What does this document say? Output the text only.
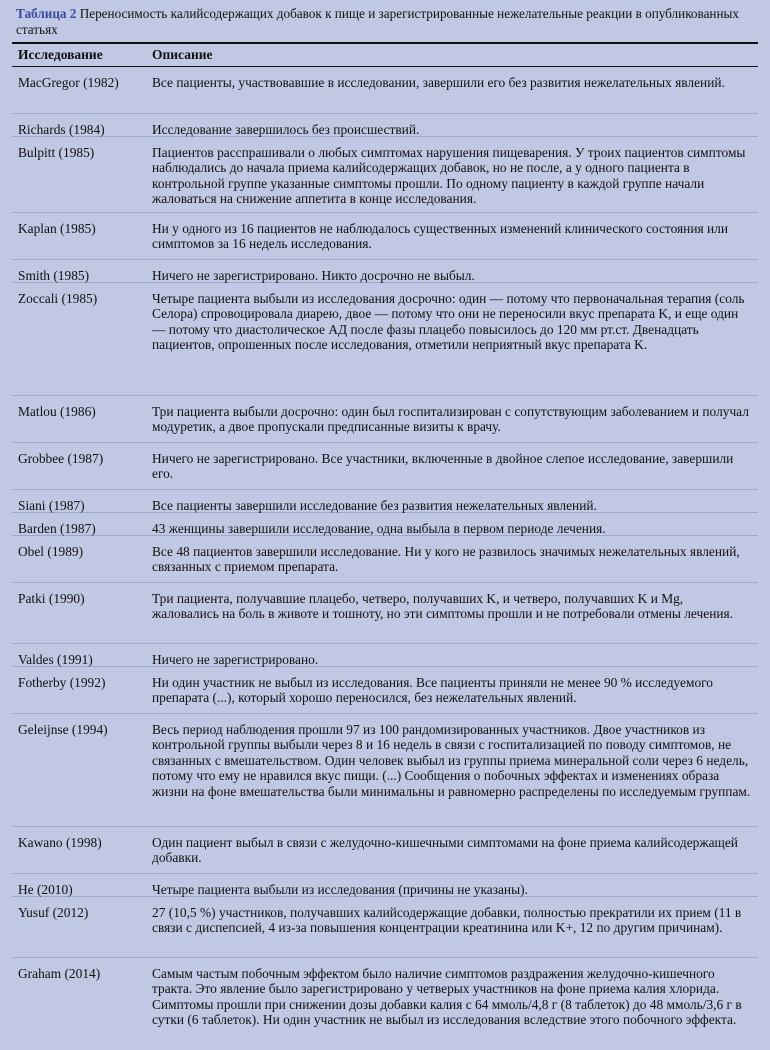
Таблица 2 Переносимость калийсодержащих добавок к пище и зарегистрированные нежелательные реакции в опубликованных статьях
Исследование	Описание
MacGregor (1982)	Все пациенты, участвовавшие в исследовании, завершили его без развития нежелательных явлений.
Richards (1984)	Исследование завершилось без происшествий.
Bulpitt (1985)	Пациентов расспрашивали о любых симптомах нарушения пищеварения. У троих пациентов симптомы наблюдались до начала приема калийсодержащих добавок, но не после, а у одного пациента в контрольной группе указанные симптомы прошли. По одному пациенту в каждой группе начали жаловаться на снижение аппетита в конце исследования.
Kaplan (1985)	Ни у одного из 16 пациентов не наблюдалось существенных изменений клинического состояния или симптомов за 16 недель исследования.
Smith (1985)	Ничего не зарегистрировано. Никто досрочно не выбыл.
Zoccali (1985)	Четыре пациента выбыли из исследования досрочно: один — потому что первоначальная терапия (соль Селора) спровоцировала диарею, двое — потому что они не переносили вкус препарата K, и еще один — потому что диастолическое АД после фазы плацебо повысилось до 120 мм рт.ст. Двенадцать пациентов, опрошенных после исследования, отметили неприятный вкус препарата K.
Matlou (1986)	Три пациента выбыли досрочно: один был госпитализирован с сопутствующим заболеванием и получал модуретик, а двое пропускали предписанные визиты к врачу.
Grobbee (1987)	Ничего не зарегистрировано. Все участники, включенные в двойное слепое исследование, завершили его.
Siani (1987)	Все пациенты завершили исследование без развития нежелательных явлений.
Barden (1987)	43 женщины завершили исследование, одна выбыла в первом периоде лечения.
Obel (1989)	Все 48 пациентов завершили исследование. Ни у кого не развилось значимых нежелательных явлений, связанных с приемом препарата.
Patki (1990)	Три пациента, получавшие плацебо, четверо, получавших K, и четверо, получавших K и Mg, жаловались на боль в животе и тошноту, но эти симптомы прошли и не потребовали отмены лечения.
Valdes (1991)	Ничего не зарегистрировано.
Fotherby (1992)	Ни один участник не выбыл из исследования. Все пациенты приняли не менее 90 % исследуемого препарата (...), который хорошо переносился, без нежелательных явлений.
Geleijnse (1994)	Весь период наблюдения прошли 97 из 100 рандомизированных участников. Двое участников из контрольной группы выбыли через 8 и 16 недель в связи с госпитализацией по поводу симптомов, не связанных с вмешательством. Один человек выбыл из группы приема минеральной соли через 6 недель, потому что ему не нравился вкус пищи. (...) Сообщения о побочных эффектах и изменениях образа жизни на фоне вмешательства были минимальны и равномерно распределены по исследуемым группам.
Kawano (1998)	Один пациент выбыл в связи с желудочно-кишечными симптомами на фоне приема калийсодержащей добавки.
He (2010)	Четыре пациента выбыли из исследования (причины не указаны).
Yusuf (2012)	27 (10,5 %) участников, получавших калийсодержащие добавки, полностью прекратили их прием (11 в связи с диспепсией, 4 из-за повышения концентрации креатинина или K+, 12 по другим причинам).
Graham (2014)	Самым частым побочным эффектом было наличие симптомов раздражения желудочно-кишечного тракта. Это явление было зарегистрировано у четверых участников на фоне приема калия хлорида. Симптомы прошли при снижении дозы добавки калия с 64 ммоль/4,8 г (8 таблеток) до 48 ммоль/3,6 г в сутки (6 таблеток). Ни один участник не выбыл из исследования вследствие этого побочного эффекта.
